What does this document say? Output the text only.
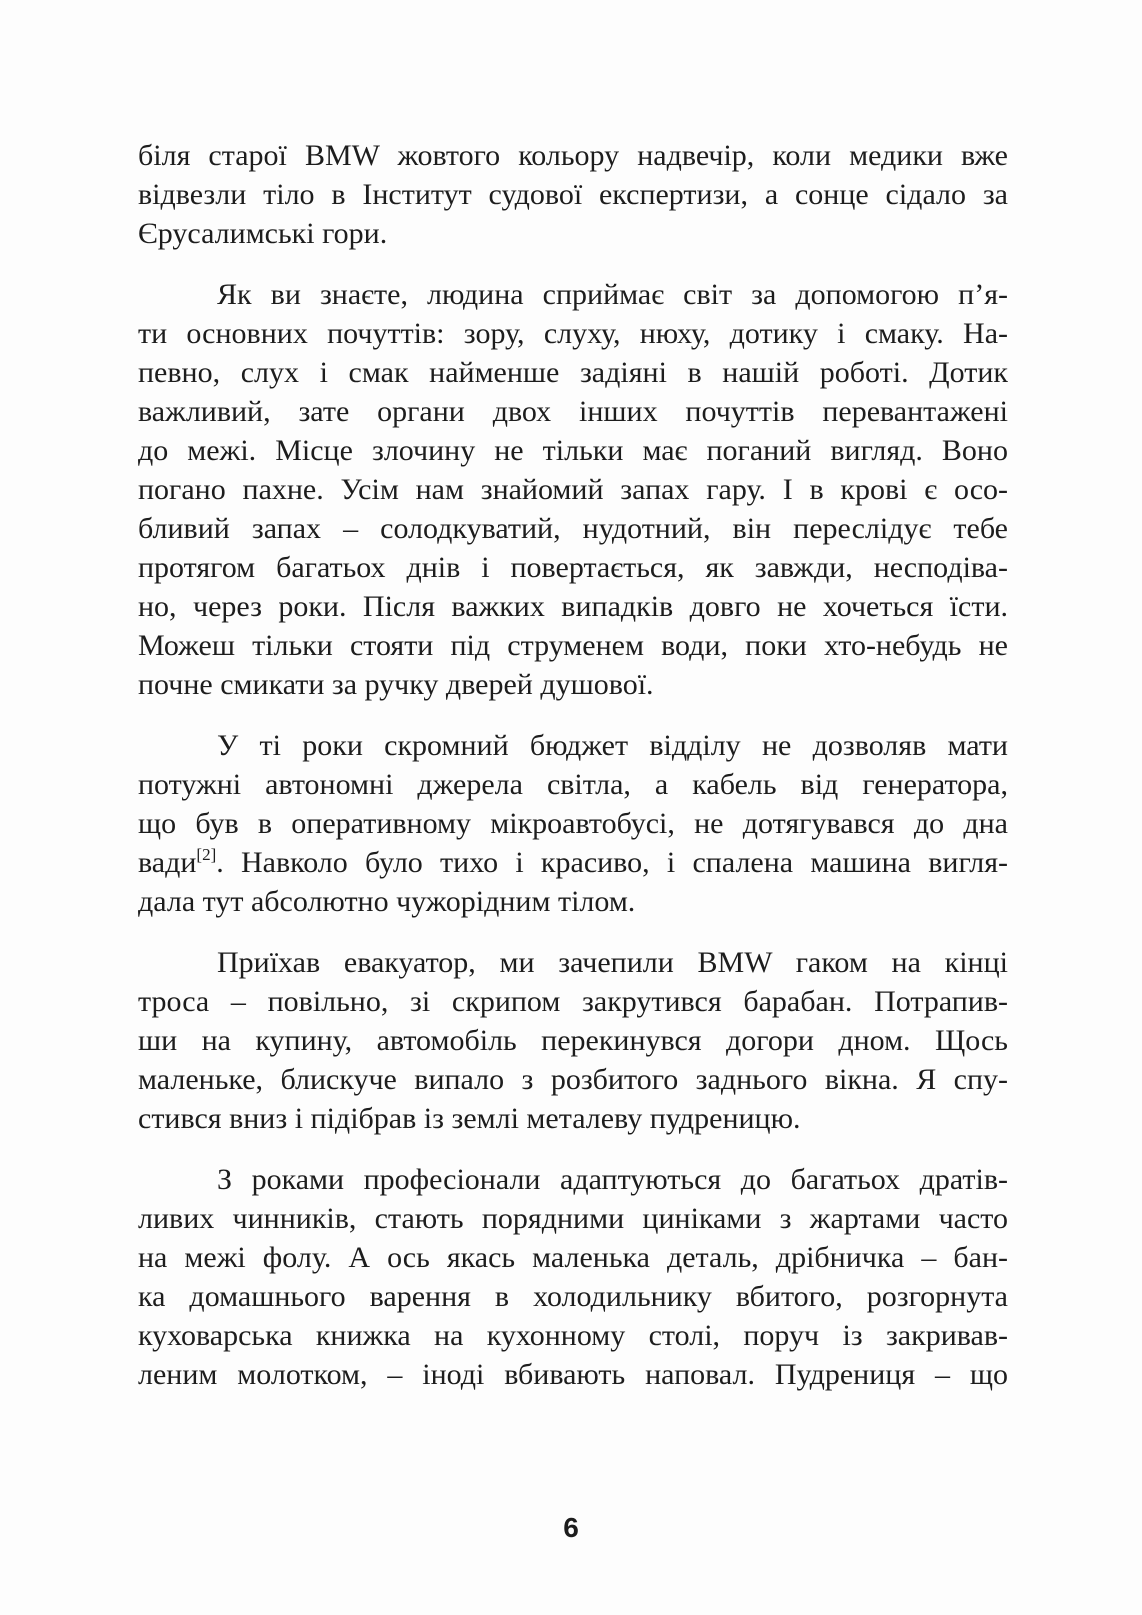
біля старої BMW жовтого кольору надвечір, коли медики вже
відвезли тіло в Інститут судової експертизи, а сонце сідало за
Єрусалимські гори.
Як ви знаєте, людина сприймає світ за допомогою п’я-
ти основних почуттів: зору, слуху, нюху, дотику і смаку. На-
певно, слух і смак найменше задіяні в нашій роботі. Дотик
важливий, зате органи двох інших почуттів перевантажені
до межі. Місце злочину не тільки має поганий вигляд. Воно
погано пахне. Усім нам знайомий запах гару. І в крові є осо-
бливий запах – солодкуватий, нудотний, він переслідує тебе
протягом багатьох днів і повертається, як завжди, несподіва-
но, через роки. Після важких випадків довго не хочеться їсти.
Можеш тільки стояти під струменем води, поки хто-небудь не
почне смикати за ручку дверей душової.
У ті роки скромний бюджет відділу не дозволяв мати
потужні автономні джерела світла, а кабель від генератора,
що був в оперативному мікроавтобусі, не дотягувався до дна
вади[2]. Навколо було тихо і красиво, і спалена машина вигля-
дала тут абсолютно чужорідним тілом.
Приїхав евакуатор, ми зачепили BMW гаком на кінці
троса – повільно, зі скрипом закрутився барабан. Потрапив-
ши на купину, автомобіль перекинувся догори дном. Щось
маленьке, блискуче випало з розбитого заднього вікна. Я спу-
стився вниз і підібрав із землі металеву пудреницю.
З роками професіонали адаптуються до багатьох дратів-
ливих чинників, стають порядними циніками з жартами часто
на межі фолу. А ось якась маленька деталь, дрібничка – бан-
ка домашнього варення в холодильнику вбитого, розгорнута
куховарська книжка на кухонному столі, поруч із закривав-
леним молотком, – іноді вбивають наповал. Пудрениця – що
6
